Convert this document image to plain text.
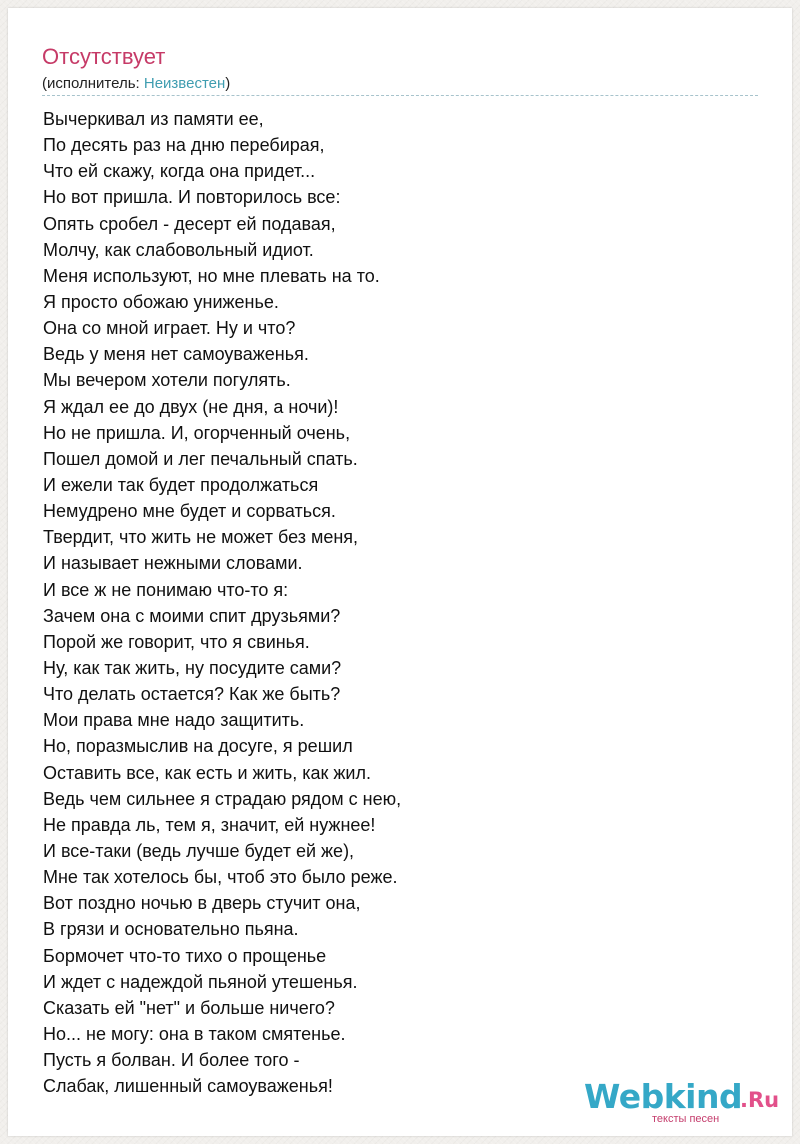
Отсутствует
(исполнитель: Неизвестен)
Вычеркивал из памяти ее,
По десять раз на дню перебирая,
Что ей скажу, когда она придет...
Но вот пришла. И повторилось все:
Опять сробел - десерт ей подавая,
Молчу, как слабовольный идиот.
Меня используют, но мне плевать на то.
Я просто обожаю униженье.
Она со мной играет. Ну и что?
Ведь у меня нет самоуваженья.
Мы вечером хотели погулять.
Я ждал ее до двух (не дня, а ночи)!
Но не пришла. И, огорченный очень,
Пошел домой и лег печальный спать.
И ежели так будет продолжаться
Немудрено мне будет и сорваться.
Твердит, что жить не может без меня,
И называет нежными словами.
И все ж не понимаю что-то я:
Зачем она с моими спит друзьями?
Порой же говорит, что я свинья.
Ну, как так жить, ну посудите сами?
Что делать остается? Как же быть?
Мои права мне надо защитить.
Но, поразмыслив на досуге, я решил
Оставить все, как есть и жить, как жил.
Ведь чем сильнее я страдаю рядом с нею,
Не правда ль, тем я, значит, ей нужнее!
И все-таки (ведь лучше будет ей же),
Мне так хотелось бы, чтоб это было реже.
Вот поздно ночью в дверь стучит она,
В грязи и основательно пьяна.
Бормочет что-то тихо о прощенье
И ждет с надеждой пьяной утешенья.
Сказать ей "нет" и больше ничего?
Но... не могу: она в таком смятенье.
Пусть я болван. И более того -
Слабак, лишенный самоуваженья!	Webkind
.Ru
тексты песен
